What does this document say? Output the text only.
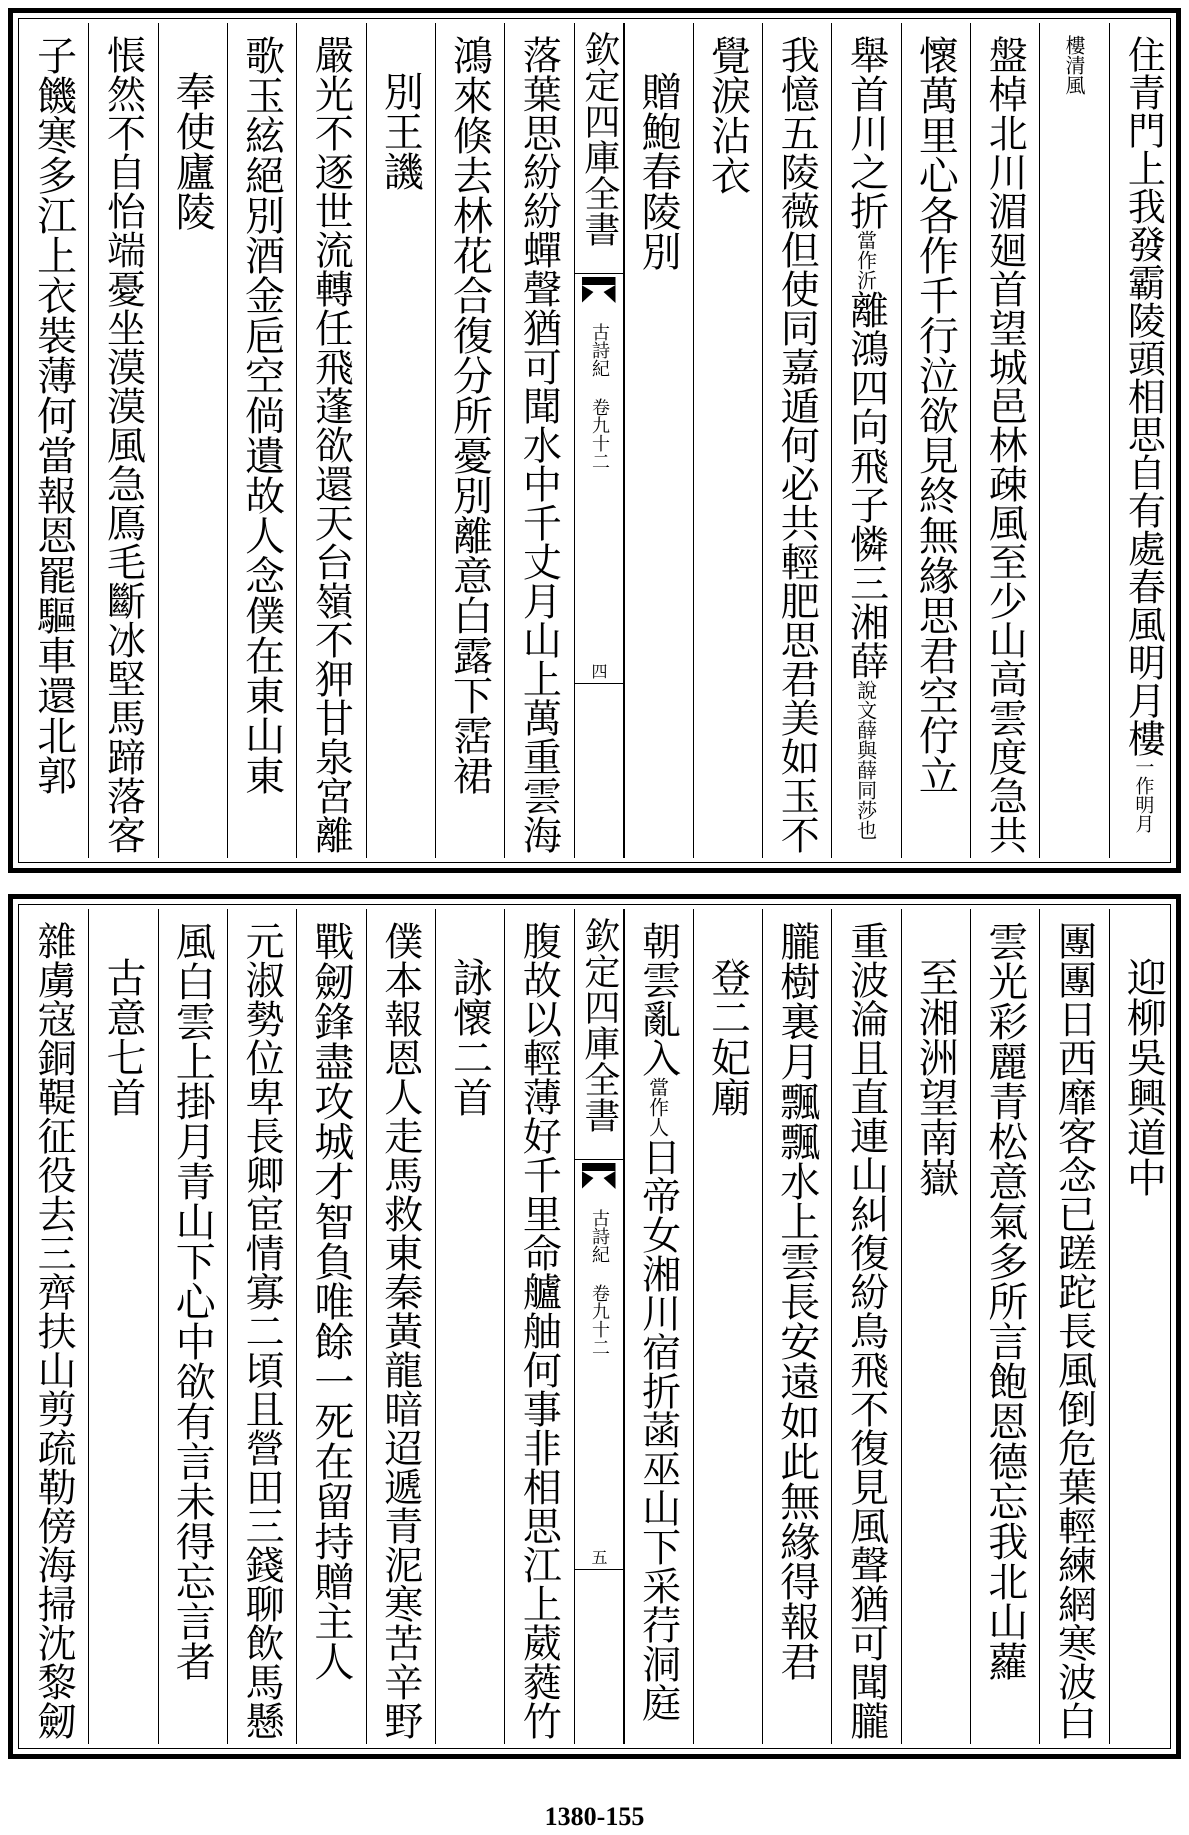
住青門上我發霸陵頭相思自有處春風明月樓一作明月
樓清風
盤棹北川湄廻首望城邑林疎風至少山高雲度急共
懷萬里心各作千行泣欲見終無緣思君空佇立
舉首川之折當作沂離鴻四向飛子憐三湘薛說文薛與薛同莎也
我憶五陵薇但使同嘉遁何必共輕肥思君美如玉不
覺淚沾衣
贈鮑春陵別
欽定四庫全書
古詩紀 卷九十二
四
落葉思紛紛蟬聲猶可聞水中千丈月山上萬重雲海
鴻來倏去林花合復分所憂別離意白露下霑裙
別王譏
嚴光不逐世流轉任飛蓬欲還天台嶺不狎甘泉宮離
歌玉絃絕別酒金巵空倘遺故人念僕在東山東
奉使廬陵
悵然不自怡端憂坐漠漠風急鳫毛斷冰堅馬蹄落客
子饑寒多江上衣裝薄何當報恩罷驅車還北郭
迎柳吳興道中
團團日西靡客念已蹉跎長風倒危葉輕練網寒波白
雲光彩麗青松意氣多所言飽恩德忘我北山蘿
至湘洲望南嶽
重波淪且直連山糾復紛鳥飛不復見風聲猶可聞朧
朧樹裏月飄飄水上雲長安遠如此無緣得報君
登二妃廟
朝雲亂入當作人日帝女湘川宿折菡巫山下采荇洞庭
欽定四庫全書
古詩紀 卷九十二
五
腹故以輕薄好千里命艫舳何事非相思江上葳蕤竹
詠懷二首
僕本報恩人走馬救東秦黃龍暗迢遞青泥寒苦辛野
戰劒鋒盡攻城才智負唯餘一死在留持贈主人
元淑勢位卑長卿宦情寡二頃且營田三錢聊飲馬懸
風白雲上掛月青山下心中欲有言未得忘言者
古意七首
雜虜寇銅鞮征役去三齊扶山剪疏勒傍海掃沈黎劒
1380-155
